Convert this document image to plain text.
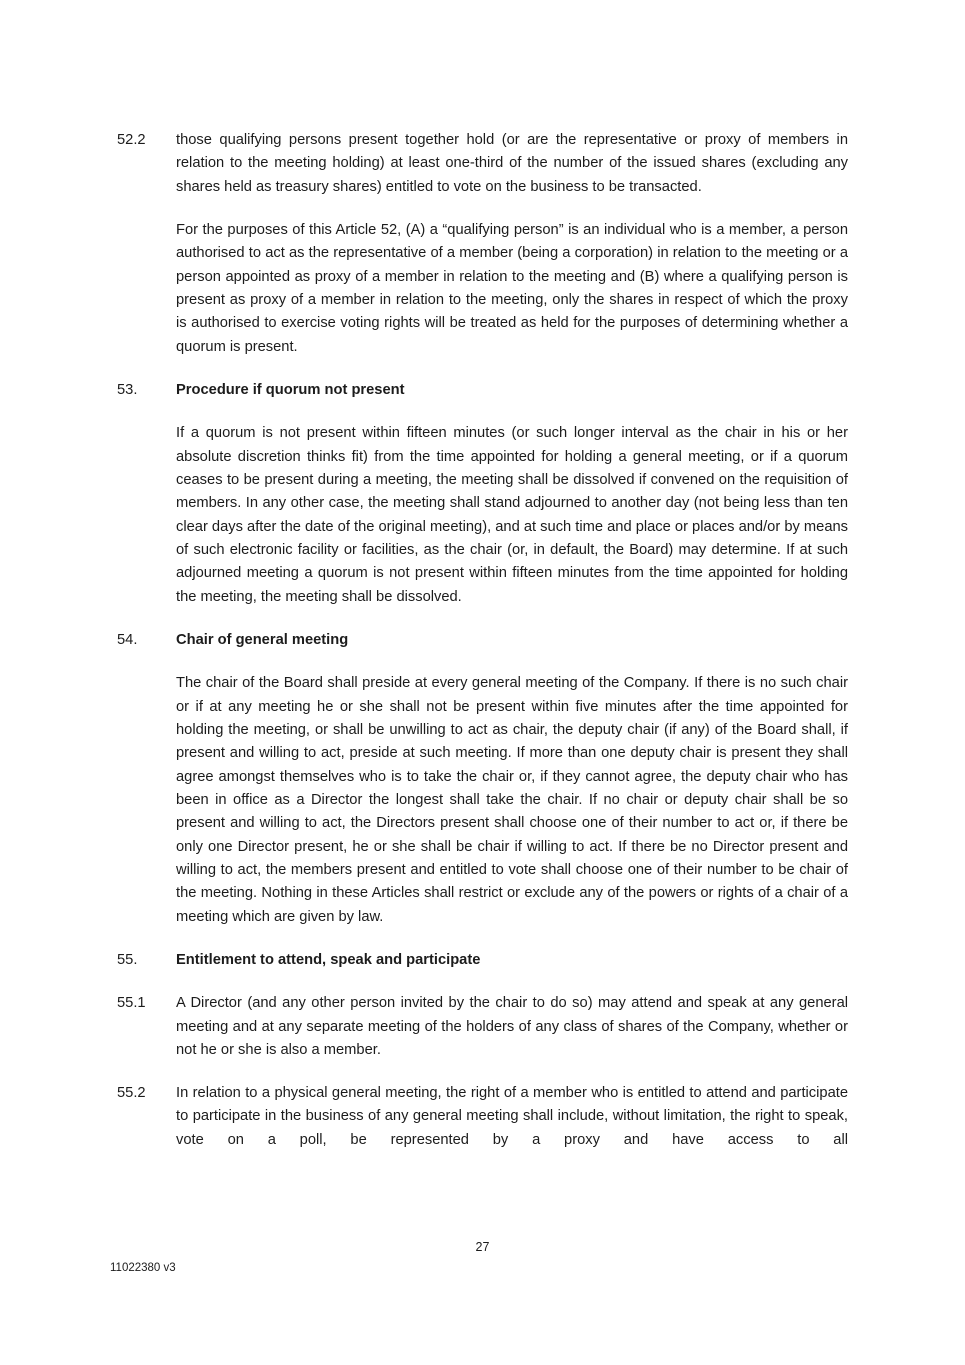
52.2	those qualifying persons present together hold (or are the representative or proxy of members in relation to the meeting holding) at least one-third of the number of the issued shares (excluding any shares held as treasury shares) entitled to vote on the business to be transacted.

For the purposes of this Article 52, (A) a “qualifying person” is an individual who is a member, a person authorised to act as the representative of a member (being a corporation) in relation to the meeting or a person appointed as proxy of a member in relation to the meeting and (B) where a qualifying person is present as proxy of a member in relation to the meeting, only the shares in respect of which the proxy is authorised to exercise voting rights will be treated as held for the purposes of determining whether a quorum is present.

53.	Procedure if quorum not present

If a quorum is not present within fifteen minutes (or such longer interval as the chair in his or her absolute discretion thinks fit) from the time appointed for holding a general meeting, or if a quorum ceases to be present during a meeting, the meeting shall be dissolved if convened on the requisition of members. In any other case, the meeting shall stand adjourned to another day (not being less than ten clear days after the date of the original meeting), and at such time and place or places and/or by means of such electronic facility or facilities, as the chair (or, in default, the Board) may determine. If at such adjourned meeting a quorum is not present within fifteen minutes from the time appointed for holding the meeting, the meeting shall be dissolved.

54.	Chair of general meeting

The chair of the Board shall preside at every general meeting of the Company. If there is no such chair or if at any meeting he or she shall not be present within five minutes after the time appointed for holding the meeting, or shall be unwilling to act as chair, the deputy chair (if any) of the Board shall, if present and willing to act, preside at such meeting. If more than one deputy chair is present they shall agree amongst themselves who is to take the chair or, if they cannot agree, the deputy chair who has been in office as a Director the longest shall take the chair. If no chair or deputy chair shall be so present and willing to act, the Directors present shall choose one of their number to act or, if there be only one Director present, he or she shall be chair if willing to act. If there be no Director present and willing to act, the members present and entitled to vote shall choose one of their number to be chair of the meeting. Nothing in these Articles shall restrict or exclude any of the powers or rights of a chair of a meeting which are given by law.

55.	Entitlement to attend, speak and participate
55.1	A Director (and any other person invited by the chair to do so) may attend and speak at any general meeting and at any separate meeting of the holders of any class of shares of the Company, whether or not he or she is also a member.

55.2	In relation to a physical general meeting, the right of a member who is entitled to attend and participate to participate in the business of any general meeting shall include, without limitation, the right to speak, vote on a poll, be represented by a proxy and have access to all

27
11022380 v3
